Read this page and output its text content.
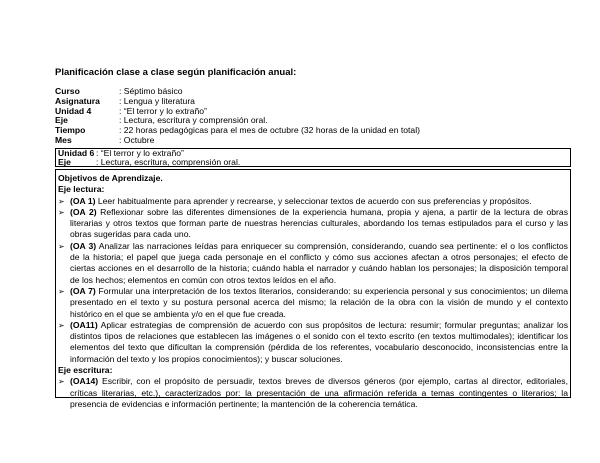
Planificación clase a clase según planificación anual:
Curso	: Séptimo básico
Asignatura	: Lengua y literatura
Unidad 4	: “El terror y lo extraño”
Eje	: Lectura, escritura y comprensión oral.
Tiempo	: 22 horas pedagógicas para el mes de octubre (32 horas de la unidad en total)
Mes	: Octubre
Unidad 6 : “El terror y lo extraño”
Eje	: Lectura, escritura, comprensión oral.
Objetivos de Aprendizaje.
Eje lectura:
➢ (OA 1) Leer habitualmente para aprender y recrearse, y seleccionar textos de acuerdo con sus preferencias y propósitos.
➢ (OA 2) Reflexionar sobre las diferentes dimensiones de la experiencia humana, propia y ajena, a partir de la lectura de obras literarias y otros textos que forman parte de nuestras herencias culturales, abordando los temas estipulados para el curso y las obras sugeridas para cada uno.
➢ (OA 3) Analizar las narraciones leídas para enriquecer su comprensión, considerando, cuando sea pertinente: el o los conflictos de la historia; el papel que juega cada personaje en el conflicto y cómo sus acciones afectan a otros personajes; el efecto de ciertas acciones en el desarrollo de la historia; cuándo habla el narrador y cuándo hablan los personajes; la disposición temporal de los hechos; elementos en común con otros textos leídos en el año.
➢ (OA 7) Formular una interpretación de los textos literarios, considerando: su experiencia personal y sus conocimientos; un dilema presentado en el texto y su postura personal acerca del mismo; la relación de la obra con la visión de mundo y el contexto histórico en el que se ambienta y/o en el que fue creada.
➢ (OA11) Aplicar estrategias de comprensión de acuerdo con sus propósitos de lectura: resumir; formular preguntas; analizar los distintos tipos de relaciones que establecen las imágenes o el sonido con el texto escrito (en textos multimodales); identificar los elementos del texto que dificultan la comprensión (pérdida de los referentes, vocabulario desconocido, inconsistencias entre la información del texto y los propios conocimientos); y buscar soluciones.
Eje escritura:
➢ (OA14) Escribir, con el propósito de persuadir, textos breves de diversos géneros (por ejemplo, cartas al director, editoriales, críticas literarias, etc.), caracterizados por: la presentación de una afirmación referida a temas contingentes o literarios; la presencia de evidencias e información pertinente; la mantención de la coherencia temática.
